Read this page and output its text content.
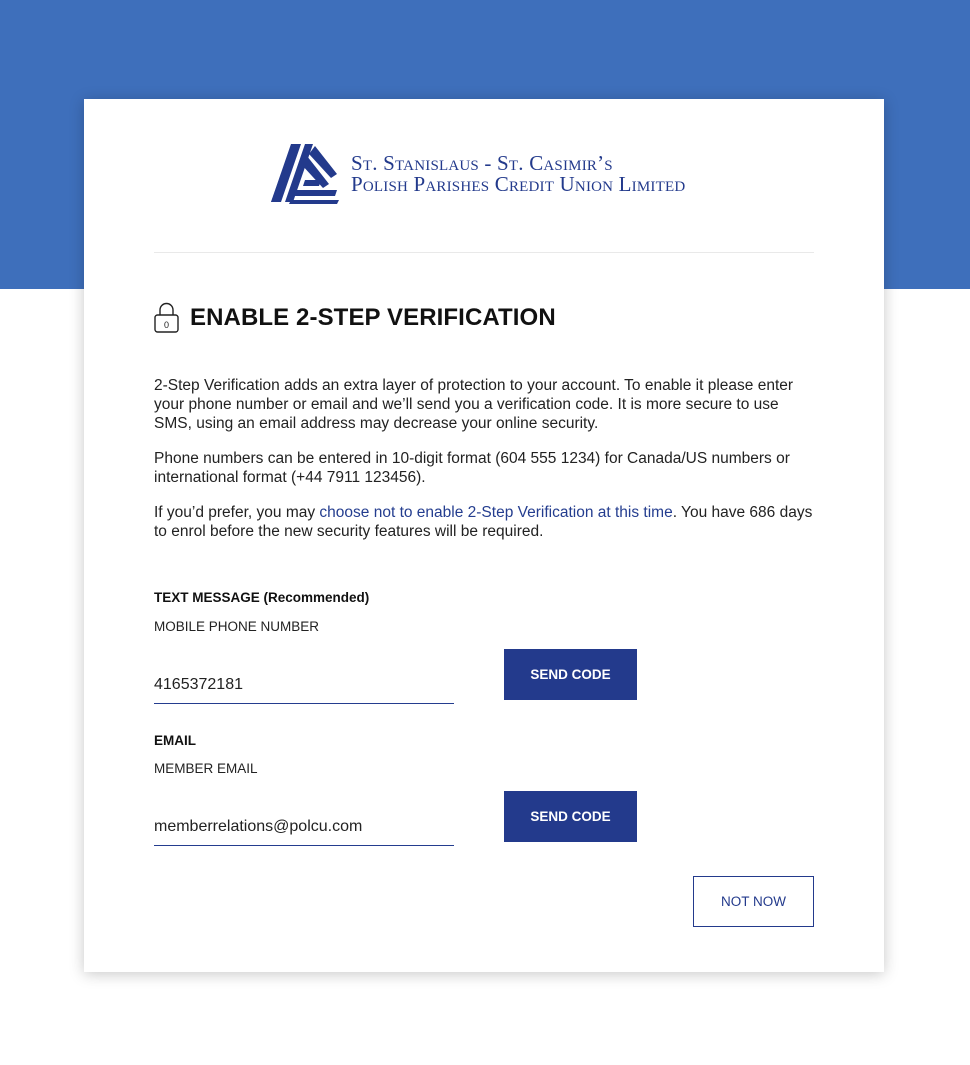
St. Stanislaus - St. Casimir’s
Polish Parishes Credit Union Limited
0 ENABLE 2-STEP VERIFICATION

2-Step Verification adds an extra layer of protection to your account. To enable it please enter your phone number or email and we’ll send you a verification code. It is more secure to use SMS, using an email address may decrease your online security.

Phone numbers can be entered in 10-digit format (604 555 1234) for Canada/US numbers or international format (+44 7911 123456).

If you’d prefer, you may choose not to enable 2-Step Verification at this time. You have 686 days to enrol before the new security features will be required.

TEXT MESSAGE (Recommended)
MOBILE PHONE NUMBER
4165372181
SEND CODE
EMAIL
MEMBER EMAIL
memberrelations@polcu.com
SEND CODE
NOT NOW
